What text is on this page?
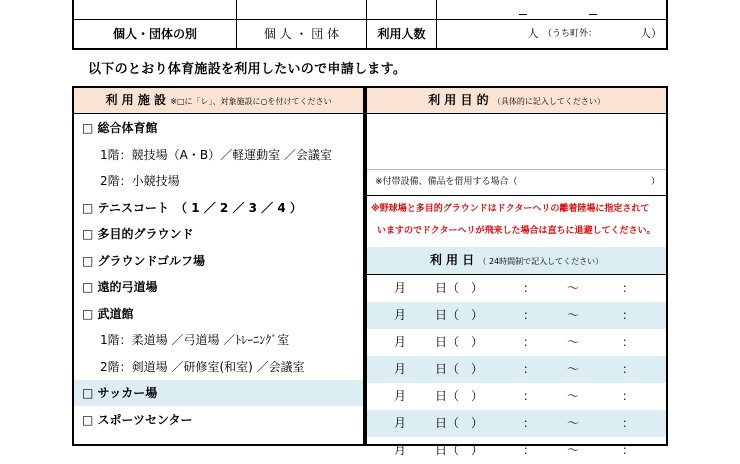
個人・団体の別	個 人 ・ 団 体	利用人数	人 （うち町外：	人）
以下のとおり体育施設を利用したいので申請します。
利 用 施 設 ※□に「レ」、対象施設に○を付けてください
□ 総合体育館
1階：競技場（A・B）／軽運動室 ／会議室
2階：小競技場
□ テニスコート　（ 1 ／ 2 ／ 3 ／ 4 ）
□ 多目的グラウンド
□ グラウンドゴルフ場
□ 遠的弓道場
□ 武道館
1階：柔道場 ／弓道場 ／ﾄﾚｰﾆﾝｸﾞ室
2階：剣道場 ／研修室(和室) ／会議室
□ サッカー場
□ スポーツセンター
利 用 目 的 （具体的に記入してください）
※付帯設備、備品を借用する場合（	）
※野球場と多目的グラウンドはドクターヘリの離着陸場に指定されて
いますのでドクターヘリが飛来した場合は直ちに退避してください。
利 用 日 （ 24時間制で記入してください）
月 日（　）	：	～	：
月 日（　）	：	～	：
月 日（　）	：	～	：
月 日（　）	：	～	：
月 日（　）	：	～	：
月 日（　）	：	～	：
月 日（　）	：	～	：
